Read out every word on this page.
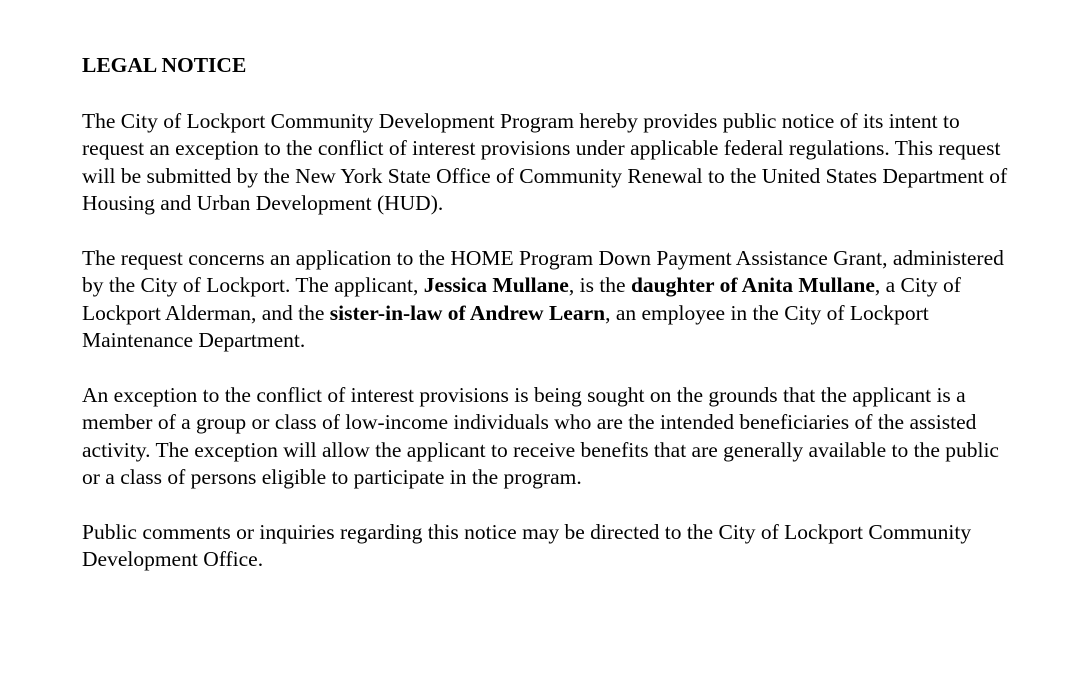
LEGAL NOTICE

The City of Lockport Community Development Program hereby provides public notice of its intent to request an exception to the conflict of interest provisions under applicable federal regulations. This request will be submitted by the New York State Office of Community Renewal to the United States Department of Housing and Urban Development (HUD).

The request concerns an application to the HOME Program Down Payment Assistance Grant, administered by the City of Lockport. The applicant, Jessica Mullane, is the daughter of Anita Mullane, a City of Lockport Alderman, and the sister-in-law of Andrew Learn, an employee in the City of Lockport Maintenance Department.

An exception to the conflict of interest provisions is being sought on the grounds that the applicant is a member of a group or class of low-income individuals who are the intended beneficiaries of the assisted activity. The exception will allow the applicant to receive benefits that are generally available to the public or a class of persons eligible to participate in the program.

Public comments or inquiries regarding this notice may be directed to the City of Lockport Community Development Office.
